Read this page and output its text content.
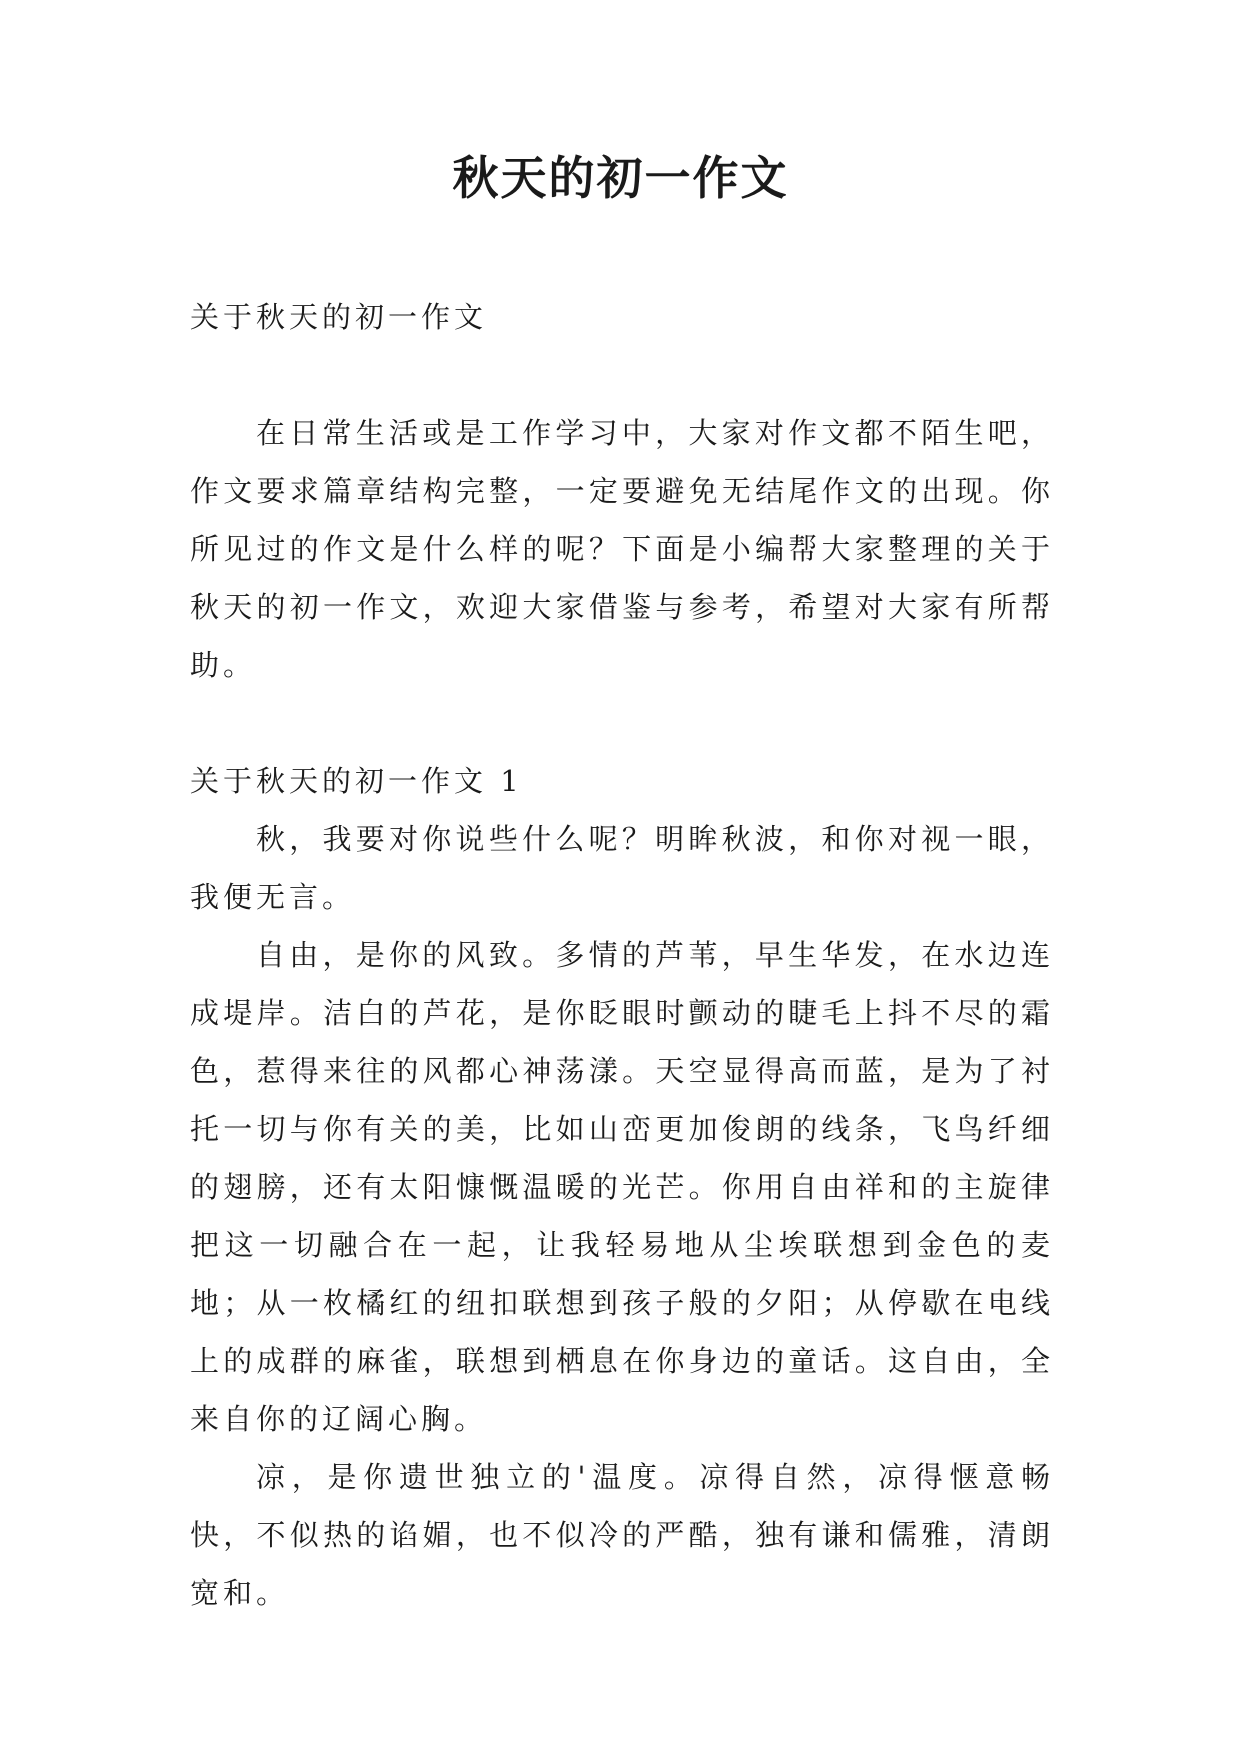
秋天的初一作文

关于秋天的初一作文

在日常生活或是工作学习中，大家对作文都不陌生吧，作文要求篇章结构完整，一定要避免无结尾作文的出现。你所见过的作文是什么样的呢？下面是小编帮大家整理的关于秋天的初一作文，欢迎大家借鉴与参考，希望对大家有所帮助。

关于秋天的初一作文 1

秋，我要对你说些什么呢？明眸秋波，和你对视一眼，我便无言。

自由，是你的风致。多情的芦苇，早生华发，在水边连成堤岸。洁白的芦花，是你眨眼时颤动的睫毛上抖不尽的霜色，惹得来往的风都心神荡漾。天空显得高而蓝，是为了衬托一切与你有关的美，比如山峦更加俊朗的线条，飞鸟纤细的翅膀，还有太阳慷慨温暖的光芒。你用自由祥和的主旋律把这一切融合在一起，让我轻易地从尘埃联想到金色的麦地；从一枚橘红的纽扣联想到孩子般的夕阳；从停歇在电线上的成群的麻雀，联想到栖息在你身边的童话。这自由，全来自你的辽阔心胸。

凉，是你遗世独立的'温度。凉得自然，凉得惬意畅快，不似热的谄媚，也不似冷的严酷，独有谦和儒雅，清朗宽和。
